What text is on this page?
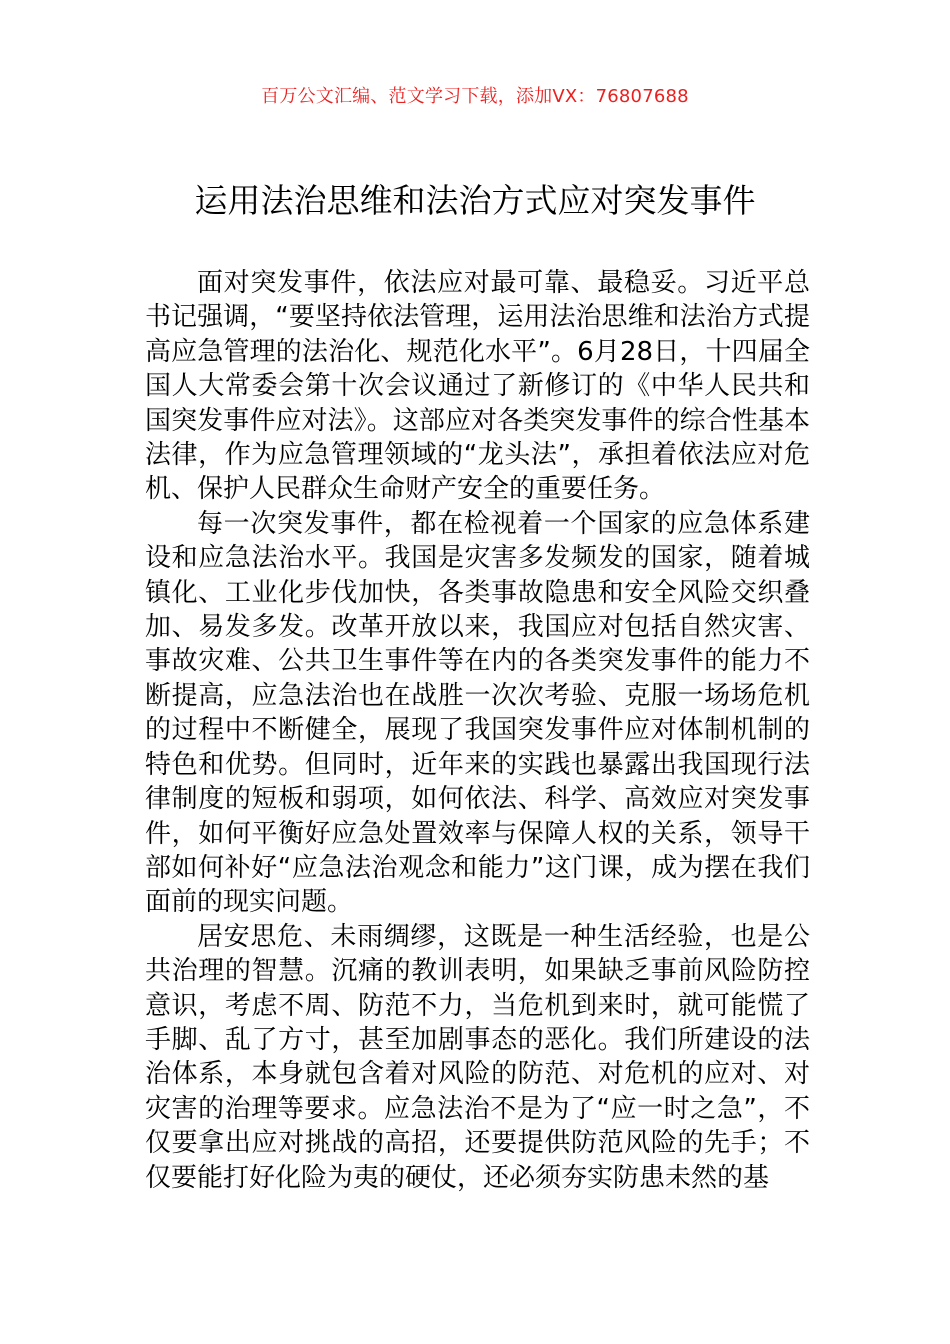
百万公文汇编、范文学习下载，添加VX：76807688
运用法治思维和法治方式应对突发事件

面对突发事件，依法应对最可靠、最稳妥。习近平总书记强调，“要坚持依法管理，运用法治思维和法治方式提高应急管理的法治化、规范化水平”。6月28日，十四届全国人大常委会第十次会议通过了新修订的《中华人民共和国突发事件应对法》。这部应对各类突发事件的综合性基本法律，作为应急管理领域的“龙头法”，承担着依法应对危机、保护人民群众生命财产安全的重要任务。

每一次突发事件，都在检视着一个国家的应急体系建设和应急法治水平。我国是灾害多发频发的国家，随着城镇化、工业化步伐加快，各类事故隐患和安全风险交织叠加、易发多发。改革开放以来，我国应对包括自然灾害、事故灾难、公共卫生事件等在内的各类突发事件的能力不断提高，应急法治也在战胜一次次考验、克服一场场危机的过程中不断健全，展现了我国突发事件应对体制机制的特色和优势。但同时，近年来的实践也暴露出我国现行法律制度的短板和弱项，如何依法、科学、高效应对突发事件，如何平衡好应急处置效率与保障人权的关系，领导干部如何补好“应急法治观念和能力”这门课，成为摆在我们面前的现实问题。

居安思危、未雨绸缪，这既是一种生活经验，也是公共治理的智慧。沉痛的教训表明，如果缺乏事前风险防控意识，考虑不周、防范不力，当危机到来时，就可能慌了手脚、乱了方寸，甚至加剧事态的恶化。我们所建设的法治体系，本身就包含着对风险的防范、对危机的应对、对灾害的治理等要求。应急法治不是为了“应一时之急”，不仅要拿出应对挑战的高招，还要提供防范风险的先手；不仅要能打好化险为夷的硬仗，还必须夯实防患未然的基
